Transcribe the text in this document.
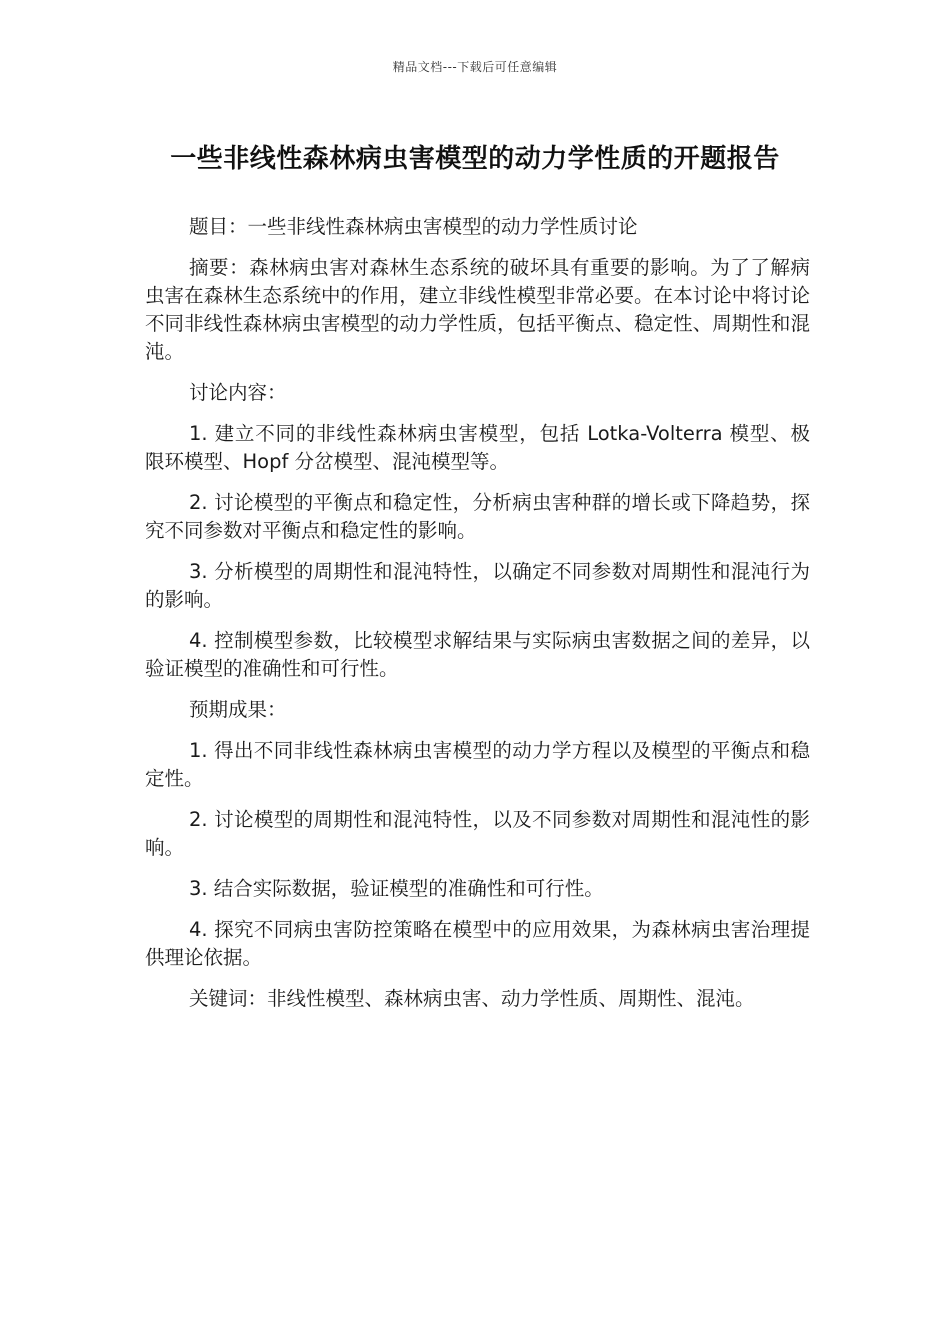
精品文档---下载后可任意编辑
一些非线性森林病虫害模型的动力学性质的开题报告

题目：一些非线性森林病虫害模型的动力学性质讨论

摘要：森林病虫害对森林生态系统的破坏具有重要的影响。为了了解病虫害在森林生态系统中的作用，建立非线性模型非常必要。在本讨论中将讨论不同非线性森林病虫害模型的动力学性质，包括平衡点、稳定性、周期性和混沌。

讨论内容：

1. 建立不同的非线性森林病虫害模型，包括 Lotka-Volterra 模型、极限环模型、Hopf 分岔模型、混沌模型等。

2. 讨论模型的平衡点和稳定性，分析病虫害种群的增长或下降趋势，探究不同参数对平衡点和稳定性的影响。

3. 分析模型的周期性和混沌特性，以确定不同参数对周期性和混沌行为的影响。

4. 控制模型参数，比较模型求解结果与实际病虫害数据之间的差异，以验证模型的准确性和可行性。

预期成果：

1. 得出不同非线性森林病虫害模型的动力学方程以及模型的平衡点和稳定性。

2. 讨论模型的周期性和混沌特性，以及不同参数对周期性和混沌性的影响。

3. 结合实际数据，验证模型的准确性和可行性。

4. 探究不同病虫害防控策略在模型中的应用效果，为森林病虫害治理提供理论依据。

关键词：非线性模型、森林病虫害、动力学性质、周期性、混沌。
